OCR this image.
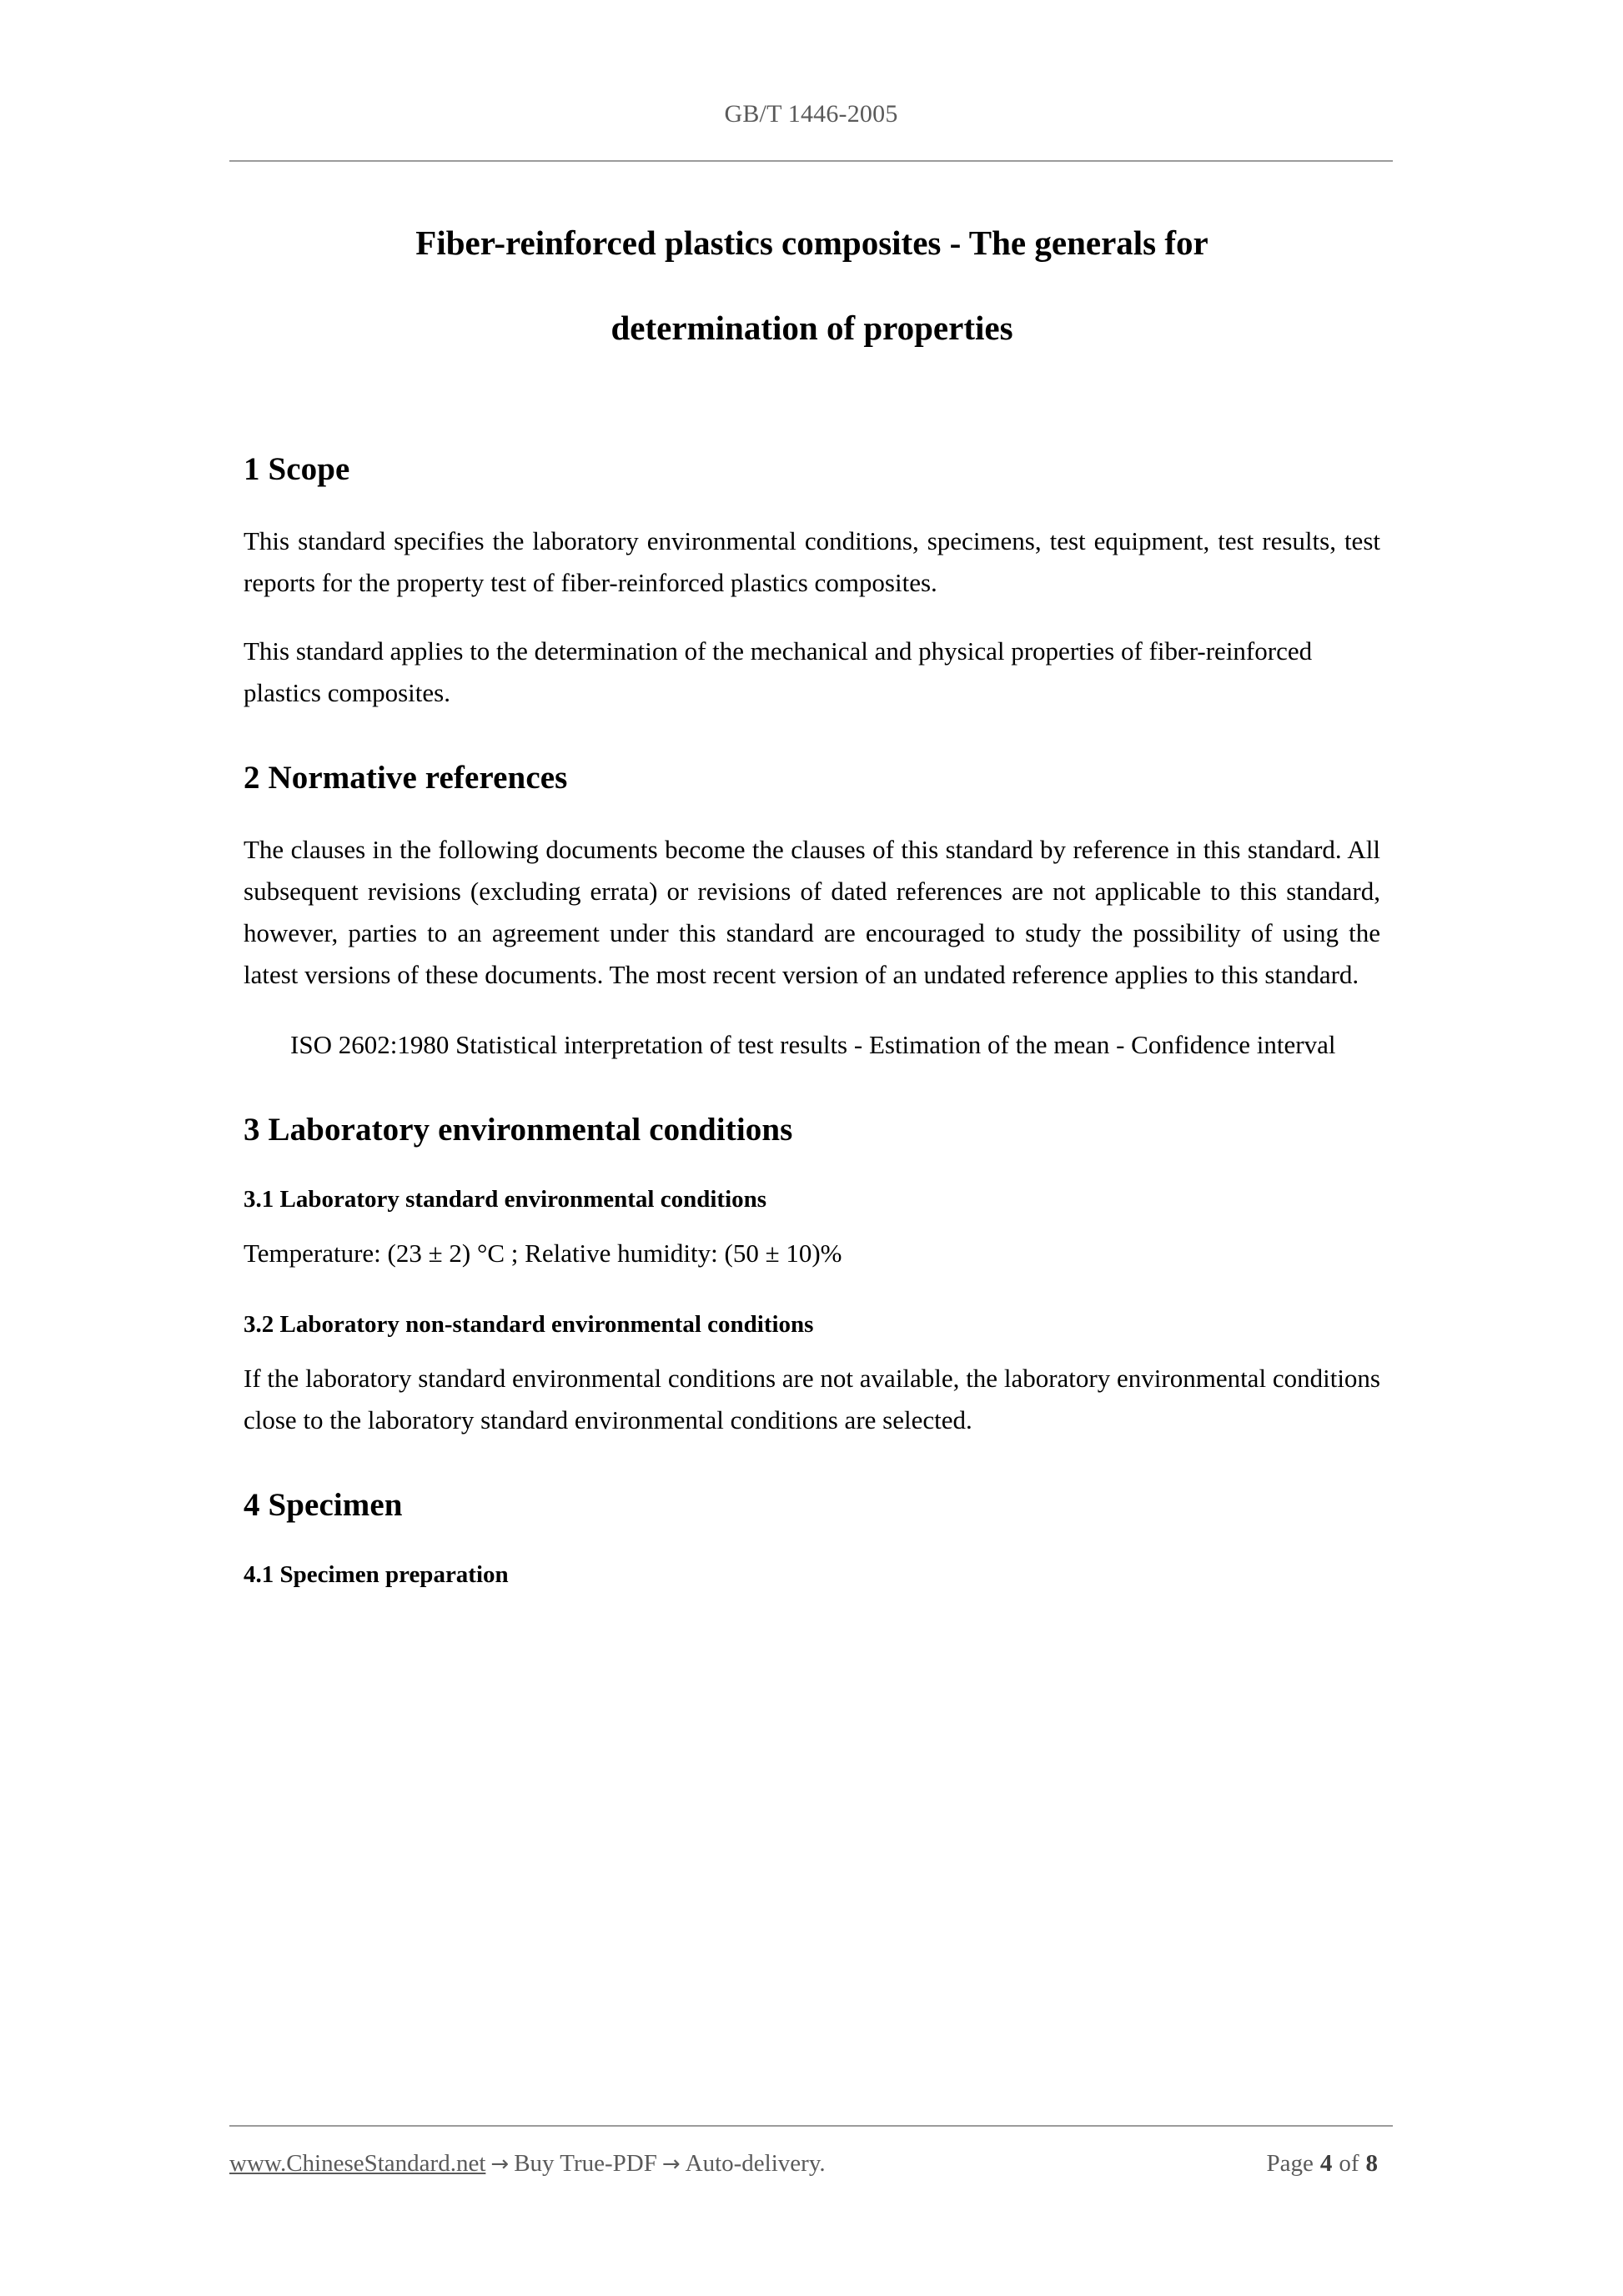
GB/T 1446-2005
Fiber-reinforced plastics composites - The generals for
determination of properties
1 Scope

This standard specifies the laboratory environmental conditions, specimens, test equipment, test results, test reports for the property test of fiber-reinforced plastics composites.

This standard applies to the determination of the mechanical and physical properties of fiber-reinforced plastics composites.

2 Normative references

The clauses in the following documents become the clauses of this standard by reference in this standard. All subsequent revisions (excluding errata) or revisions of dated references are not applicable to this standard, however, parties to an agreement under this standard are encouraged to study the possibility of using the latest versions of these documents. The most recent version of an undated reference applies to this standard.

ISO 2602:1980 Statistical interpretation of test results - Estimation of the mean - Confidence interval

3 Laboratory environmental conditions
3.1 Laboratory standard environmental conditions

Temperature: (23 ± 2) °C ; Relative humidity: (50 ± 10)%

3.2 Laboratory non-standard environmental conditions

If the laboratory standard environmental conditions are not available, the laboratory environmental conditions close to the laboratory standard environmental conditions are selected.

4 Specimen
4.1 Specimen preparation
www.ChineseStandard.net → Buy True-PDF → Auto-delivery.	Page 4 of 8
